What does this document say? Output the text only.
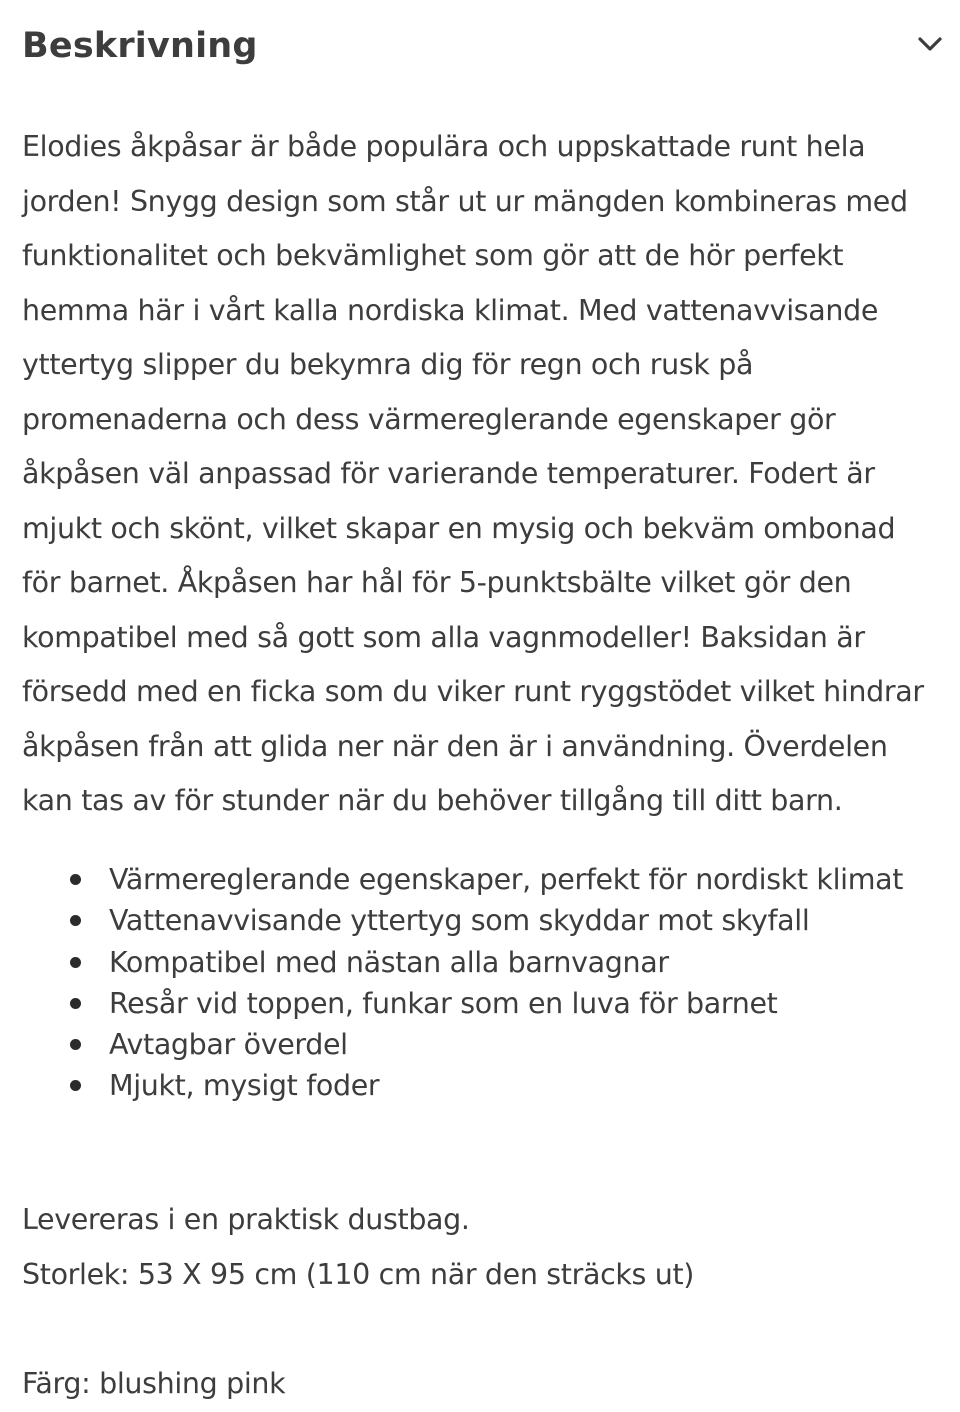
Beskrivning

Elodies åkpåsar är både populära och uppskattade runt hela jorden! Snygg design som står ut ur mängden kombineras med funktionalitet och bekvämlighet som gör att de hör perfekt hemma här i vårt kalla nordiska klimat. Med vattenavvisande yttertyg slipper du bekymra dig för regn och rusk på promenaderna och dess värmereglerande egenskaper gör åkpåsen väl anpassad för varierande temperaturer. Fodert är mjukt och skönt, vilket skapar en mysig och bekväm ombonad för barnet. Åkpåsen har hål för 5-punktsbälte vilket gör den kompatibel med så gott som alla vagnmodeller! Baksidan är försedd med en ficka som du viker runt ryggstödet vilket hindrar åkpåsen från att glida ner när den är i användning. Överdelen kan tas av för stunder när du behöver tillgång till ditt barn.

Värmereglerande egenskaper, perfekt för nordiskt klimat
Vattenavvisande yttertyg som skyddar mot skyfall
Kompatibel med nästan alla barnvagnar
Resår vid toppen, funkar som en luva för barnet
Avtagbar överdel
Mjukt, mysigt foder

Levereras i en praktisk dustbag.

Storlek: 53 X 95 cm (110 cm när den sträcks ut)

Färg: blushing pink
